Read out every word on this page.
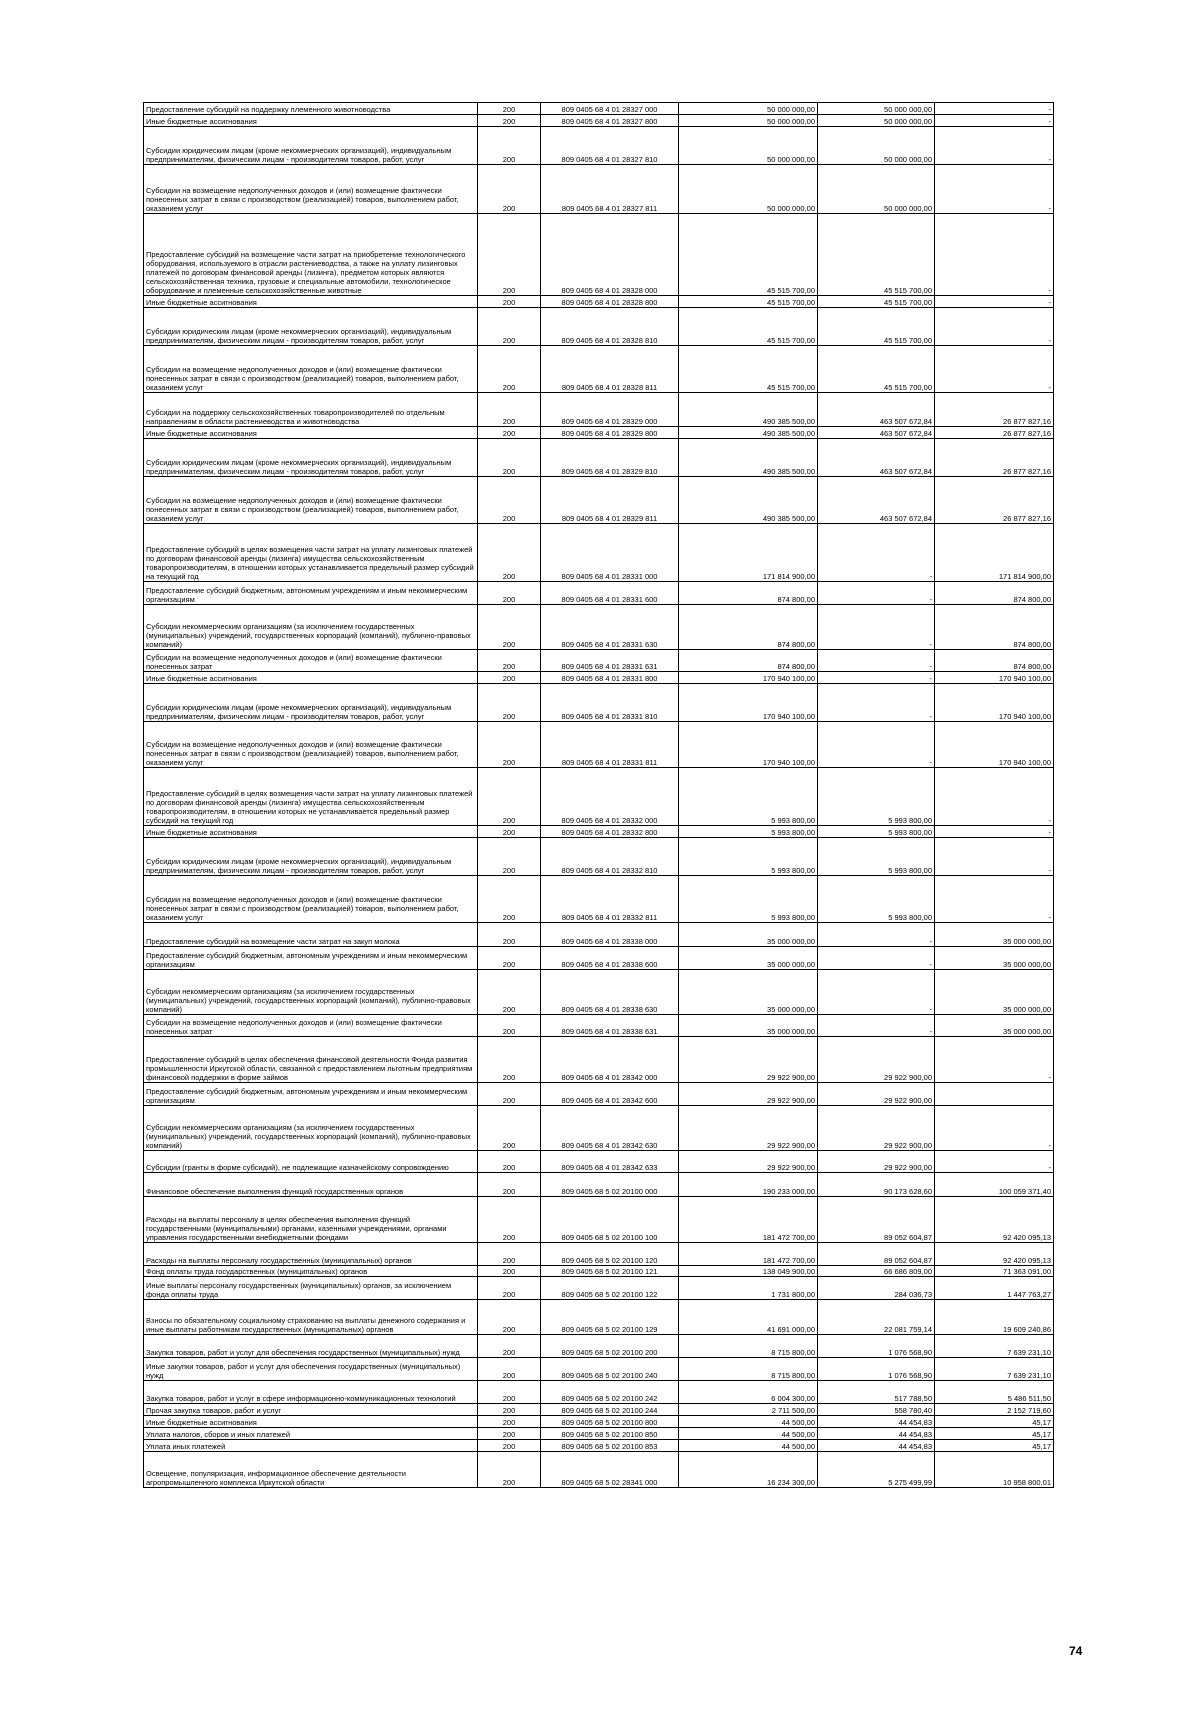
Предоставление субсидий на поддержку племенного животноводства	200	809 0405 68 4 01 28327 000	50 000 000,00	50 000 000,00	-
Иные бюджетные ассигнования	200	809 0405 68 4 01 28327 800	50 000 000,00	50 000 000,00	-
Субсидии юридическим лицам (кроме некоммерческих организаций), индивидуальным предпринимателям, физическим лицам - производителям товаров, работ, услуг	200	809 0405 68 4 01 28327 810	50 000 000,00	50 000 000,00	-
Субсидии на возмещение недополученных доходов и (или) возмещение фактически понесенных затрат в связи с производством (реализацией) товаров, выполнением работ, оказанием услуг	200	809 0405 68 4 01 28327 811	50 000 000,00	50 000 000,00	-
Предоставление субсидий на возмещение части затрат на приобретение технологического оборудования, используемого в отрасли растениеводства, а также на уплату лизинговых платежей по договорам финансовой аренды (лизинга), предметом которых являются сельскохозяйственная техника, грузовые и специальные автомобили, технологическое оборудование и племенные сельскохозяйственные животные	200	809 0405 68 4 01 28328 000	45 515 700,00	45 515 700,00	-
Иные бюджетные ассигнования	200	809 0405 68 4 01 28328 800	45 515 700,00	45 515 700,00	-
Субсидии юридическим лицам (кроме некоммерческих организаций), индивидуальным предпринимателям, физическим лицам - производителям товаров, работ, услуг	200	809 0405 68 4 01 28328 810	45 515 700,00	45 515 700,00	-
Субсидии на возмещение недополученных доходов и (или) возмещение фактически понесенных затрат в связи с производством (реализацией) товаров, выполнением работ, оказанием услуг	200	809 0405 68 4 01 28328 811	45 515 700,00	45 515 700,00	-
Субсидии на поддержку сельскохозяйственных товаропроизводителей по отдельным направлениям в области растениеводства и животноводства	200	809 0405 68 4 01 28329 000	490 385 500,00	463 507 672,84	26 877 827,16
Иные бюджетные ассигнования	200	809 0405 68 4 01 28329 800	490 385 500,00	463 507 672,84	26 877 827,16
Субсидии юридическим лицам (кроме некоммерческих организаций), индивидуальным предпринимателям, физическим лицам - производителям товаров, работ, услуг	200	809 0405 68 4 01 28329 810	490 385 500,00	463 507 672,84	26 877 827,16
Субсидии на возмещение недополученных доходов и (или) возмещение фактически понесенных затрат в связи с производством (реализацией) товаров, выполнением работ, оказанием услуг	200	809 0405 68 4 01 28329 811	490 385 500,00	463 507 672,84	26 877 827,16
Предоставление субсидий в целях возмещения части затрат на уплату лизинговых платежей по договорам финансовой аренды (лизинга) имущества сельскохозяйственным товаропроизводителям, в отношении которых устанавливается предельный размер субсидий на текущий год	200	809 0405 68 4 01 28331 000	171 814 900,00	-	171 814 900,00
Предоставление субсидий бюджетным, автономным учреждениям и иным некоммерческим организациям	200	809 0405 68 4 01 28331 600	874 800,00	-	874 800,00
Субсидии некоммерческим организациям (за исключением государственных (муниципальных) учреждений, государственных корпораций (компаний), публично-правовых компаний)	200	809 0405 68 4 01 28331 630	874 800,00	-	874 800,00
Субсидии на возмещение недополученных доходов и (или) возмещение фактически понесенных затрат	200	809 0405 68 4 01 28331 631	874 800,00	-	874 800,00
Иные бюджетные ассигнования	200	809 0405 68 4 01 28331 800	170 940 100,00	-	170 940 100,00
Субсидии юридическим лицам (кроме некоммерческих организаций), индивидуальным предпринимателям, физическим лицам - производителям товаров, работ, услуг	200	809 0405 68 4 01 28331 810	170 940 100,00	-	170 940 100,00
Субсидии на возмещение недополученных доходов и (или) возмещение фактически понесенных затрат в связи с производством (реализацией) товаров, выполнением работ, оказанием услуг	200	809 0405 68 4 01 28331 811	170 940 100,00	-	170 940 100,00
Предоставление субсидий в целях возмещения части затрат на уплату лизинговых платежей по договорам финансовой аренды (лизинга) имущества сельскохозяйственным товаропроизводителям, в отношении которых не устанавливается предельный размер субсидий на текущий год	200	809 0405 68 4 01 28332 000	5 993 800,00	5 993 800,00	-
Иные бюджетные ассигнования	200	809 0405 68 4 01 28332 800	5 993 800,00	5 993 800,00	-
Субсидии юридическим лицам (кроме некоммерческих организаций), индивидуальным предпринимателям, физическим лицам - производителям товаров, работ, услуг	200	809 0405 68 4 01 28332 810	5 993 800,00	5 993 800,00	-
Субсидии на возмещение недополученных доходов и (или) возмещение фактически понесенных затрат в связи с производством (реализацией) товаров, выполнением работ, оказанием услуг	200	809 0405 68 4 01 28332 811	5 993 800,00	5 993 800,00	-
Предоставление субсидий на возмещение части затрат на закуп молока	200	809 0405 68 4 01 28338 000	35 000 000,00	-	35 000 000,00
Предоставление субсидий бюджетным, автономным учреждениям и иным некоммерческим организациям	200	809 0405 68 4 01 28338 600	35 000 000,00	-	35 000 000,00
Субсидии некоммерческим организациям (за исключением государственных (муниципальных) учреждений, государственных корпораций (компаний), публично-правовых компаний)	200	809 0405 68 4 01 28338 630	35 000 000,00	-	35 000 000,00
Субсидии на возмещение недополученных доходов и (или) возмещение фактически понесенных затрат	200	809 0405 68 4 01 28338 631	35 000 000,00	-	35 000 000,00
Предоставление субсидий в целях обеспечения финансовой деятельности Фонда развития промышленности Иркутской области, связанной с предоставлением льготным предприятиям финансовой поддержки в форме займов	200	809 0405 68 4 01 28342 000	29 922 900,00	29 922 900,00	-
Предоставление субсидий бюджетным, автономным учреждениям и иным некоммерческим организациям	200	809 0405 68 4 01 28342 600	29 922 900,00	29 922 900,00	
Субсидии некоммерческим организациям (за исключением государственных (муниципальных) учреждений, государственных корпораций (компаний), публично-правовых компаний)	200	809 0405 68 4 01 28342 630	29 922 900,00	29 922 900,00	-
Субсидии (гранты в форме субсидий), не подлежащие казначейскому сопровождению	200	809 0405 68 4 01 28342 633	29 922 900,00	29 922 900,00	-
Финансовое обеспечение выполнения функций государственных органов	200	809 0405 68 5 02 20100 000	190 233 000,00	90 173 628,60	100 059 371,40
Расходы на выплаты персоналу в целях обеспечения выполнения функций государственными (муниципальными) органами, казенными учреждениями, органами управления государственными внебюджетными фондами	200	809 0405 68 5 02 20100 100	181 472 700,00	89 052 604,87	92 420 095,13
Расходы на выплаты персоналу государственных (муниципальных) органов	200	809 0405 68 5 02 20100 120	181 472 700,00	89 052 604,87	92 420 095,13
Фонд оплаты труда государственных (муниципальных) органов	200	809 0405 68 5 02 20100 121	138 049 900,00	66 686 809,00	71 363 091,00
Иные выплаты персоналу государственных (муниципальных) органов, за исключением фонда оплаты труда	200	809 0405 68 5 02 20100 122	1 731 800,00	284 036,73	1 447 763,27
Взносы по обязательному социальному страхованию на выплаты денежного содержания и иные выплаты работникам государственных (муниципальных) органов	200	809 0405 68 5 02 20100 129	41 691 000,00	22 081 759,14	19 609 240,86
Закупка товаров, работ и услуг для обеспечения государственных (муниципальных) нужд	200	809 0405 68 5 02 20100 200	8 715 800,00	1 076 568,90	7 639 231,10
Иные закупки товаров, работ и услуг для обеспечения государственных (муниципальных) нужд	200	809 0405 68 5 02 20100 240	8 715 800,00	1 076 568,90	7 639 231,10
Закупка товаров, работ и услуг в сфере информационно-коммуникационных технологий	200	809 0405 68 5 02 20100 242	6 004 300,00	517 788,50	5 486 511,50
Прочая закупка товаров, работ и услуг	200	809 0405 68 5 02 20100 244	2 711 500,00	558 780,40	2 152 719,60
Иные бюджетные ассигнования	200	809 0405 68 5 02 20100 800	44 500,00	44 454,83	45,17
Уплата налогов, сборов и иных платежей	200	809 0405 68 5 02 20100 850	44 500,00	44 454,83	45,17
Уплата иных платежей	200	809 0405 68 5 02 20100 853	44 500,00	44 454,83	45,17
Освещение, популяризация, информационное обеспечение деятельности агропромышленного комплекса Иркутской области	200	809 0405 68 5 02 28341 000	16 234 300,00	5 275 499,99	10 958 800,01
74
